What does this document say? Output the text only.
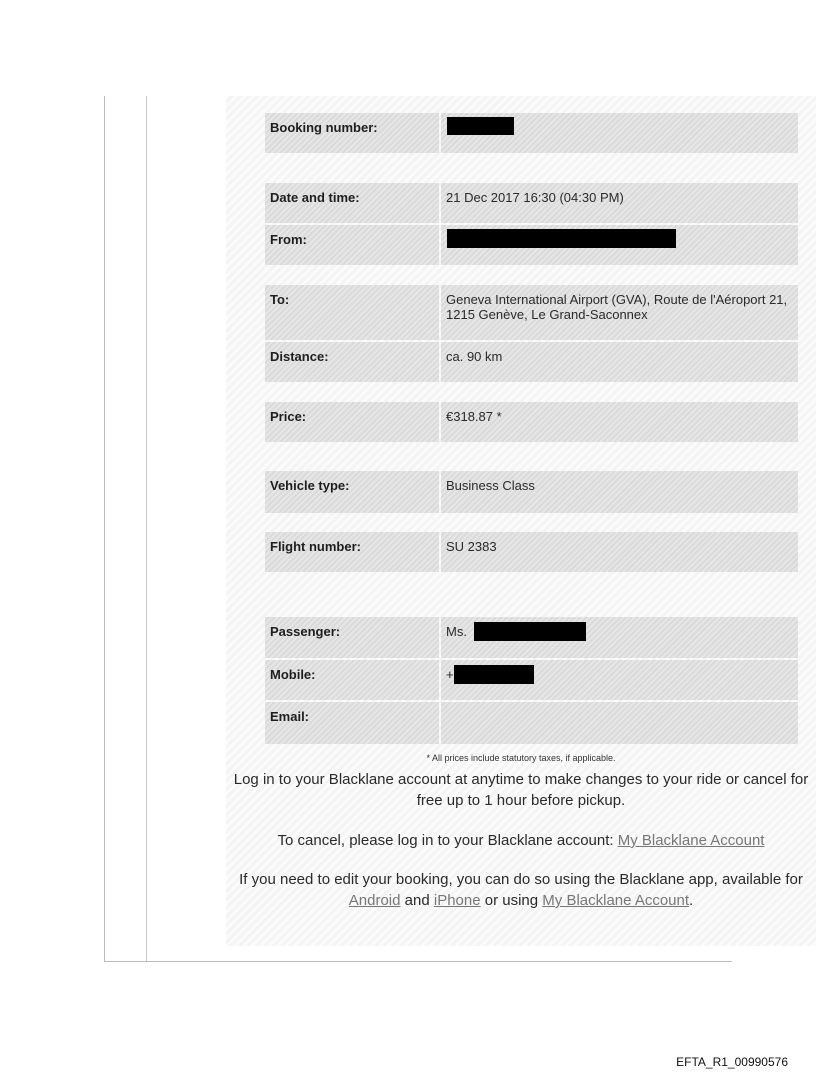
Booking number:
Date and time:	21 Dec 2017 16:30 (04:30 PM)
From:
To:	Geneva International Airport (GVA), Route de l'Aéroport 21, 1215 Genève, Le Grand-Saconnex
Distance:	ca. 90 km
Price:	€318.87 *
Vehicle type:	Business Class
Flight number:	SU 2383
Passenger:	Ms.
Mobile:	+
Email:
* All prices include statutory taxes, if applicable.
Log in to your Blacklane account at anytime to make changes to your ride or cancel for free up to 1 hour before pickup.
To cancel, please log in to your Blacklane account: My Blacklane Account
If you need to edit your booking, you can do so using the Blacklane app, available for Android and iPhone or using My Blacklane Account.
EFTA_R1_00990576
